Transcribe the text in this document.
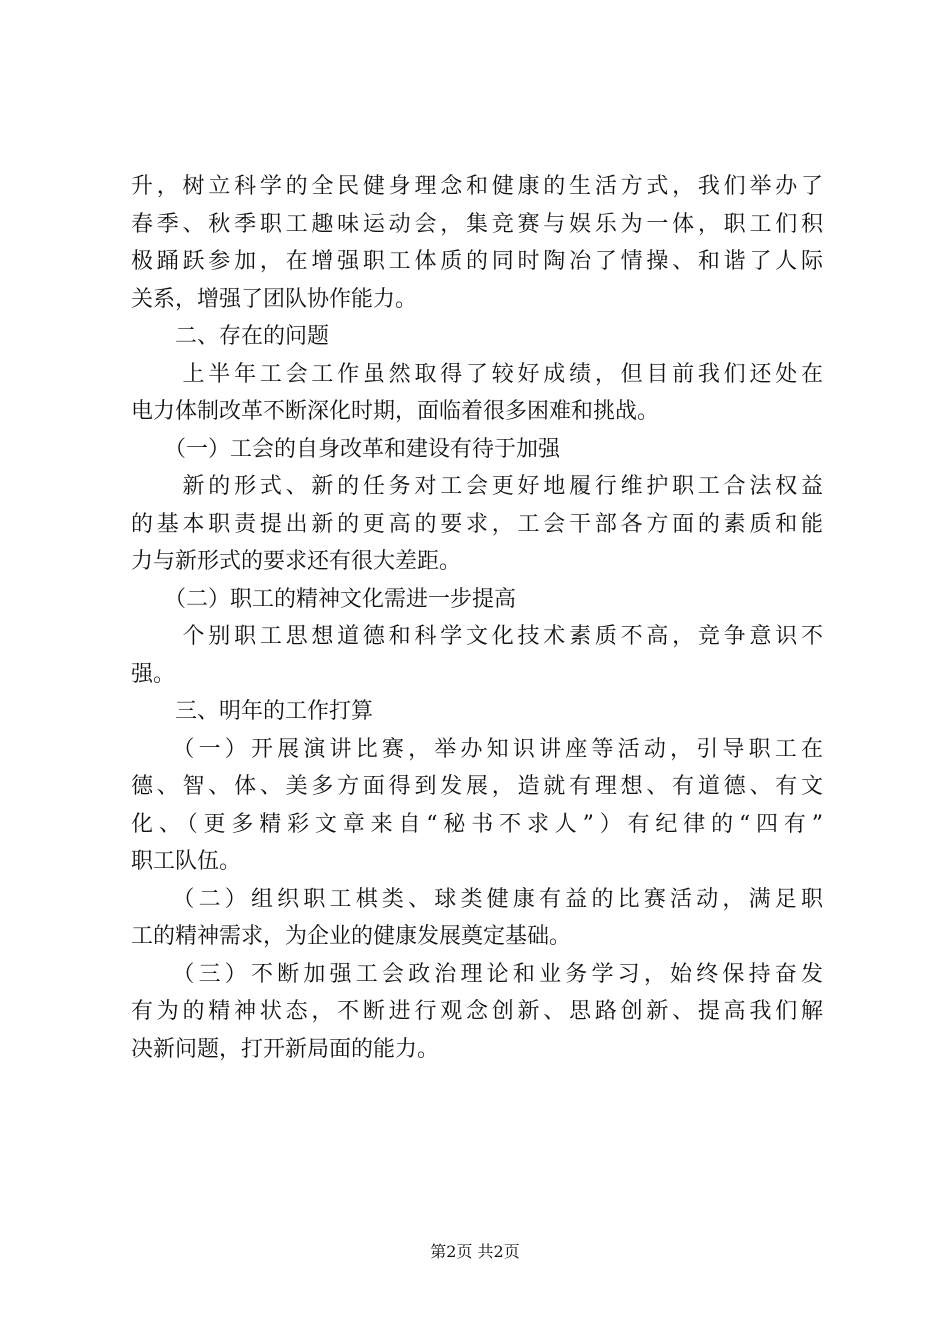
升，树立科学的全民健身理念和健康的生活方式，我们举办了
春季、秋季职工趣味运动会，集竞赛与娱乐为一体，职工们积
极踊跃参加，在增强职工体质的同时陶冶了情操、和谐了人际
关系，增强了团队协作能力。
　　二、存在的问题
　　上半年工会工作虽然取得了较好成绩，但目前我们还处在
电力体制改革不断深化时期，面临着很多困难和挑战。
　　（一）工会的自身改革和建设有待于加强
　　新的形式、新的任务对工会更好地履行维护职工合法权益
的基本职责提出新的更高的要求，工会干部各方面的素质和能
力与新形式的要求还有很大差距。
　　（二）职工的精神文化需进一步提高
　　个别职工思想道德和科学文化技术素质不高，竞争意识不
强。
　　三、明年的工作打算
　　（一）开展演讲比赛，举办知识讲座等活动，引导职工在
德、智、体、美多方面得到发展，造就有理想、有道德、有文
化、（更多精彩文章来自“秘书不求人”）有纪律的“四有”
职工队伍。
　　（二）组织职工棋类、球类健康有益的比赛活动，满足职
工的精神需求，为企业的健康发展奠定基础。
　　（三）不断加强工会政治理论和业务学习，始终保持奋发
有为的精神状态，不断进行观念创新、思路创新、提高我们解
决新问题，打开新局面的能力。
第2页 共2页
